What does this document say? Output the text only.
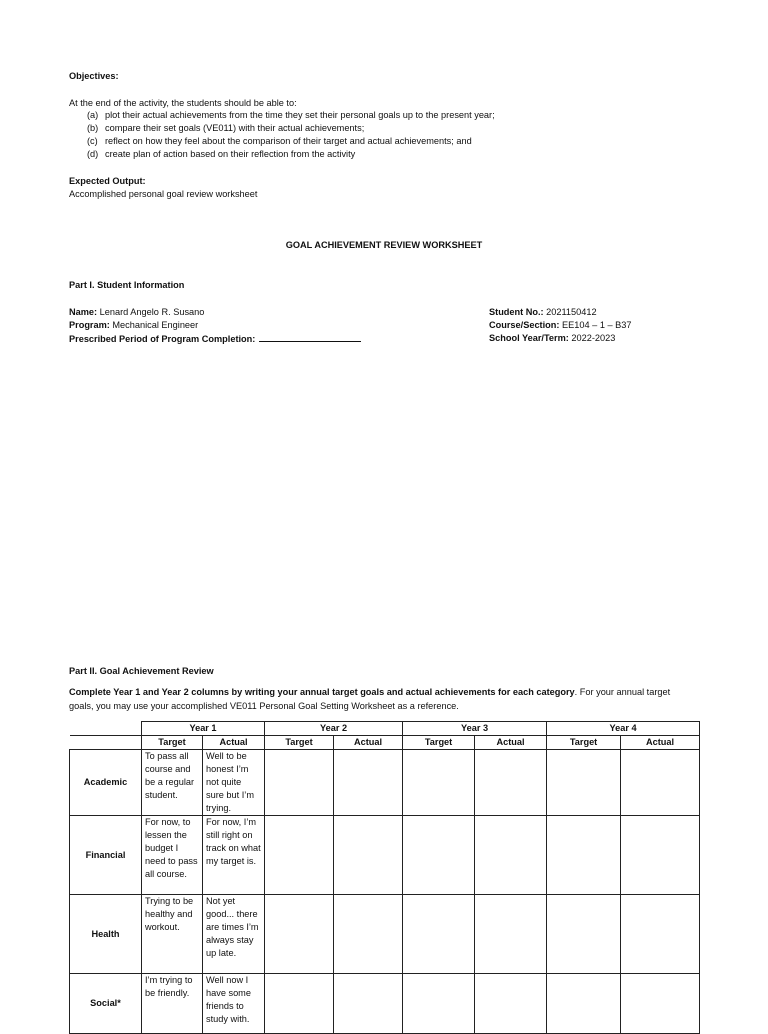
Objectives:
At the end of the activity, the students should be able to:
(a) plot their actual achievements from the time they set their personal goals up to the present year;
(b) compare their set goals (VE011) with their actual achievements;
(c) reflect on how they feel about the comparison of their target and actual achievements; and
(d) create plan of action based on their reflection from the activity
Expected Output:
Accomplished personal goal review worksheet
GOAL ACHIEVEMENT REVIEW WORKSHEET
Part I. Student Information
Name: Lenard Angelo R. Susano
Program: Mechanical Engineer
Prescribed Period of Program Completion:
Student No.: 2021150412
Course/Section: EE104 – 1 – B37
School Year/Term: 2022-2023
Part II. Goal Achievement Review
Complete Year 1 and Year 2 columns by writing your annual target goals and actual achievements for each category. For your annual target
goals, you may use your accomplished VE011 Personal Goal Setting Worksheet as a reference.
	Year 1		Year 2		Year 3		Year 4	
	Target	Actual	Target	Actual	Target	Actual	Target	Actual
Academic	To pass all course and be a regular student.	Well to be honest I’m not quite sure but I’m trying.						
Financial	For now, to lessen the budget I need to pass all course.	For now, I’m still right on track on what my target is.						
Health	Trying to be healthy and workout.	Not yet good... there are times I’m always stay up late.						
Social*	I’m trying to be friendly.	Well now I have some friends to study with.						
